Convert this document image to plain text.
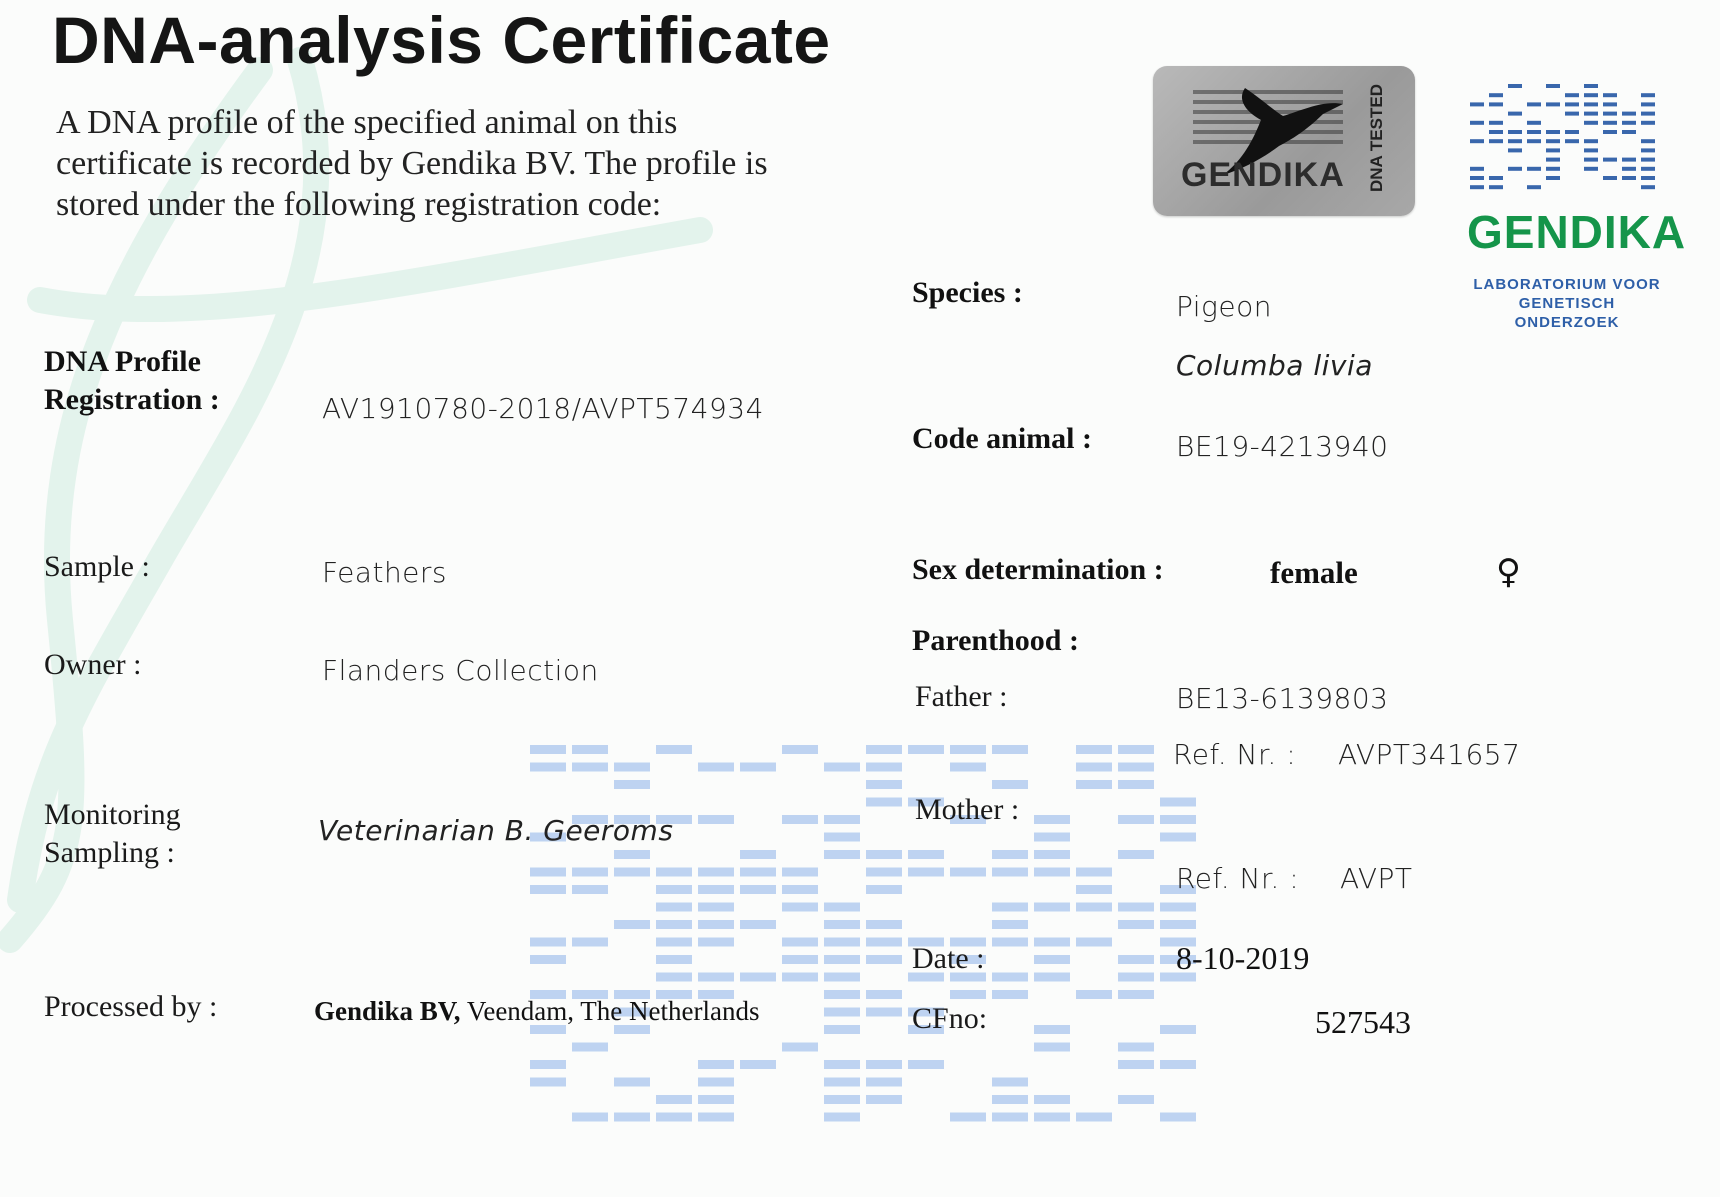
DNA-analysis Certificate
A DNA profile of the specified animal on this certificate is recorded by Gendika BV. The profile is stored under the following registration code:
GENDIKA DNA TESTED
GENDIKA
LABORATORIUM VOOR GENETISCH ONDERZOEK
DNA Profile
Registration :	AV1910780-2018/AVPT574934
Sample :	Feathers
Owner :	Flanders Collection
Monitoring
Sampling :
Veterinarian B. Geeroms
Processed by :	Gendika BV, Veendam, The Netherlands
Species :	Pigeon
Columba livia
Code animal :	BE19-4213940
Sex determination :	female	♀
Parenthood :
Father :	BE13-6139803
Ref. Nr. : AVPT341657
Mother :
Ref. Nr. : AVPT
Date :	8-10-2019
CFno:	527543
